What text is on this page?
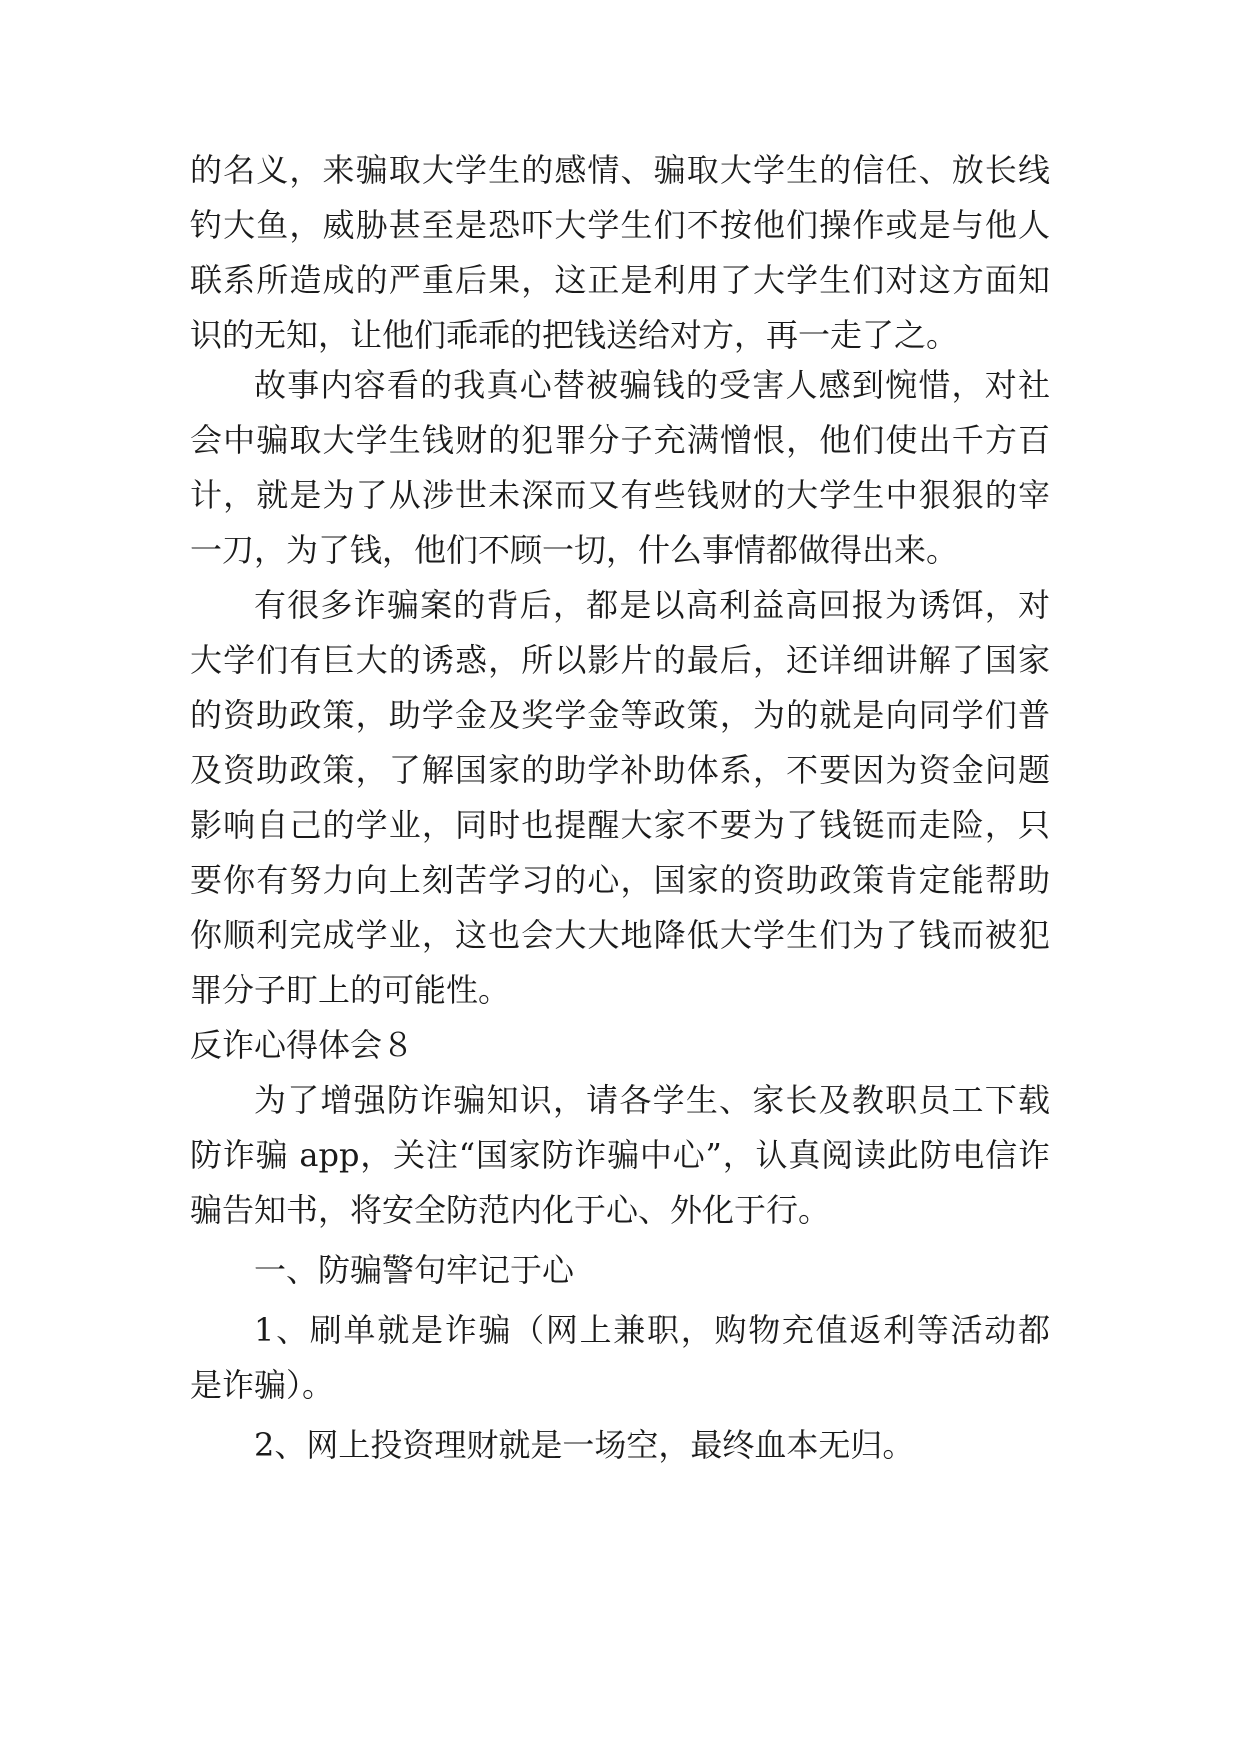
的名义，来骗取大学生的感情、骗取大学生的信任、放长线
钓大鱼，威胁甚至是恐吓大学生们不按他们操作或是与他人
联系所造成的严重后果，这正是利用了大学生们对这方面知
识的无知，让他们乖乖的把钱送给对方，再一走了之。
故事内容看的我真心替被骗钱的受害人感到惋惜，对社
会中骗取大学生钱财的犯罪分子充满憎恨，他们使出千方百
计，就是为了从涉世未深而又有些钱财的大学生中狠狠的宰
一刀，为了钱，他们不顾一切，什么事情都做得出来。
有很多诈骗案的背后，都是以高利益高回报为诱饵，对
大学们有巨大的诱惑，所以影片的最后，还详细讲解了国家
的资助政策，助学金及奖学金等政策，为的就是向同学们普
及资助政策，了解国家的助学补助体系，不要因为资金问题
影响自己的学业，同时也提醒大家不要为了钱铤而走险，只
要你有努力向上刻苦学习的心，国家的资助政策肯定能帮助
你顺利完成学业，这也会大大地降低大学生们为了钱而被犯
罪分子盯上的可能性。
反诈心得体会８
为了增强防诈骗知识，请各学生、家长及教职员工下载
防诈骗 app，关注“国家防诈骗中心”，认真阅读此防电信诈
骗告知书，将安全防范内化于心、外化于行。
一、防骗警句牢记于心
1、刷单就是诈骗（网上兼职，购物充值返利等活动都
是诈骗）。
2、网上投资理财就是一场空，最终血本无归。
